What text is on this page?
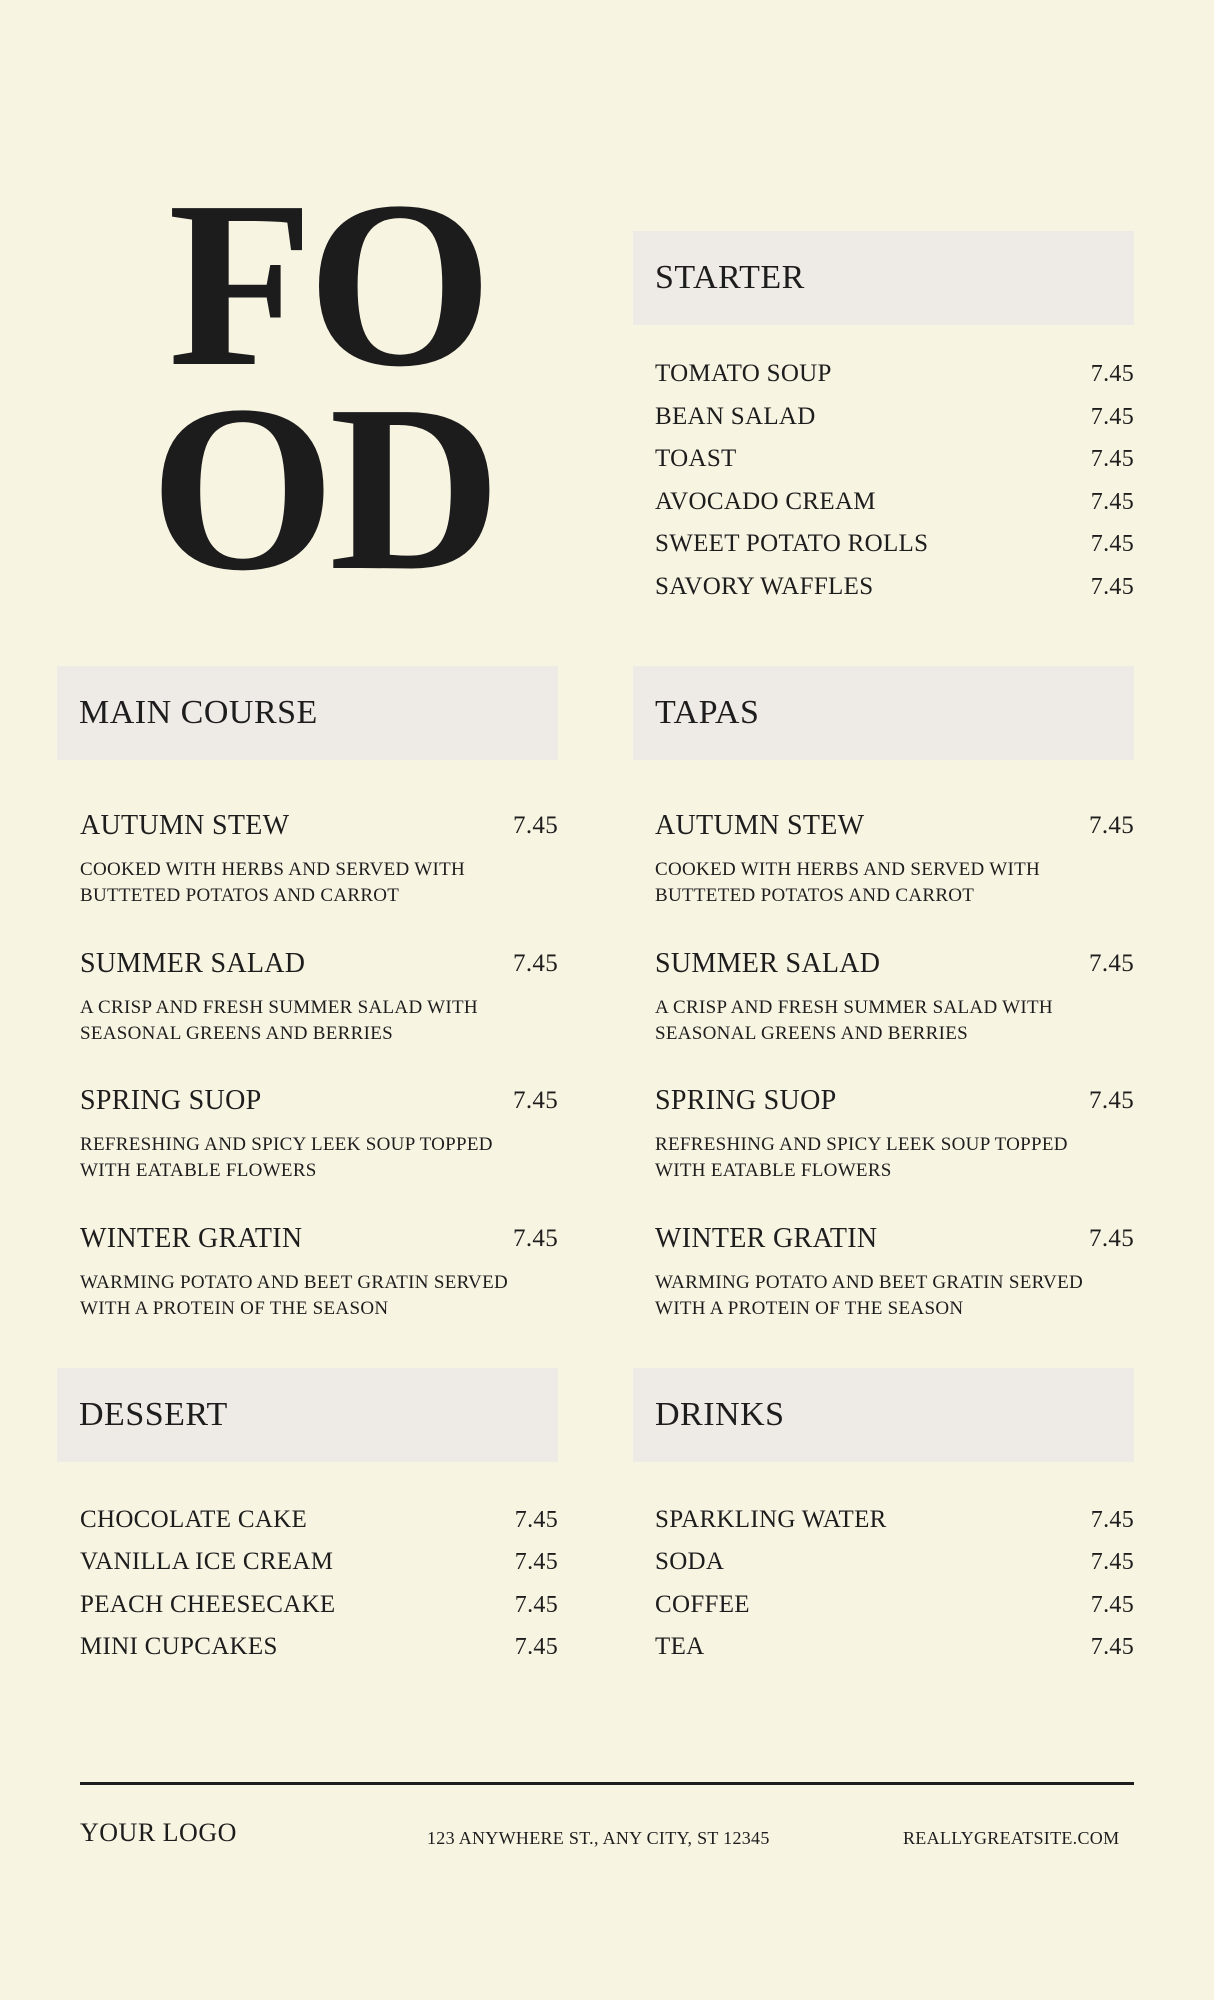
FO
OD
STARTER
TOMATO SOUP	7.45
BEAN SALAD	7.45
TOAST	7.45
AVOCADO CREAM	7.45
SWEET POTATO ROLLS	7.45
SAVORY WAFFLES	7.45
MAIN COURSE
AUTUMN STEW	7.45
COOKED WITH HERBS AND SERVED WITH BUTTETED POTATOS AND CARROT
SUMMER SALAD	7.45
A CRISP AND FRESH SUMMER SALAD WITH SEASONAL GREENS AND BERRIES
SPRING SUOP	7.45
REFRESHING AND SPICY LEEK SOUP TOPPED WITH EATABLE FLOWERS
WINTER GRATIN	7.45
WARMING POTATO AND BEET GRATIN SERVED WITH A PROTEIN OF THE SEASON
TAPAS
AUTUMN STEW	7.45
COOKED WITH HERBS AND SERVED WITH BUTTETED POTATOS AND CARROT
SUMMER SALAD	7.45
A CRISP AND FRESH SUMMER SALAD WITH SEASONAL GREENS AND BERRIES
SPRING SUOP	7.45
REFRESHING AND SPICY LEEK SOUP TOPPED WITH EATABLE FLOWERS
WINTER GRATIN	7.45
WARMING POTATO AND BEET GRATIN SERVED WITH A PROTEIN OF THE SEASON
DESSERT
CHOCOLATE CAKE	7.45
VANILLA ICE CREAM	7.45
PEACH CHEESECAKE	7.45
MINI CUPCAKES	7.45
DRINKS
SPARKLING WATER	7.45
SODA	7.45
COFFEE	7.45
TEA	7.45
YOUR LOGO	123 ANYWHERE ST., ANY CITY, ST 12345	REALLYGREATSITE.COM
